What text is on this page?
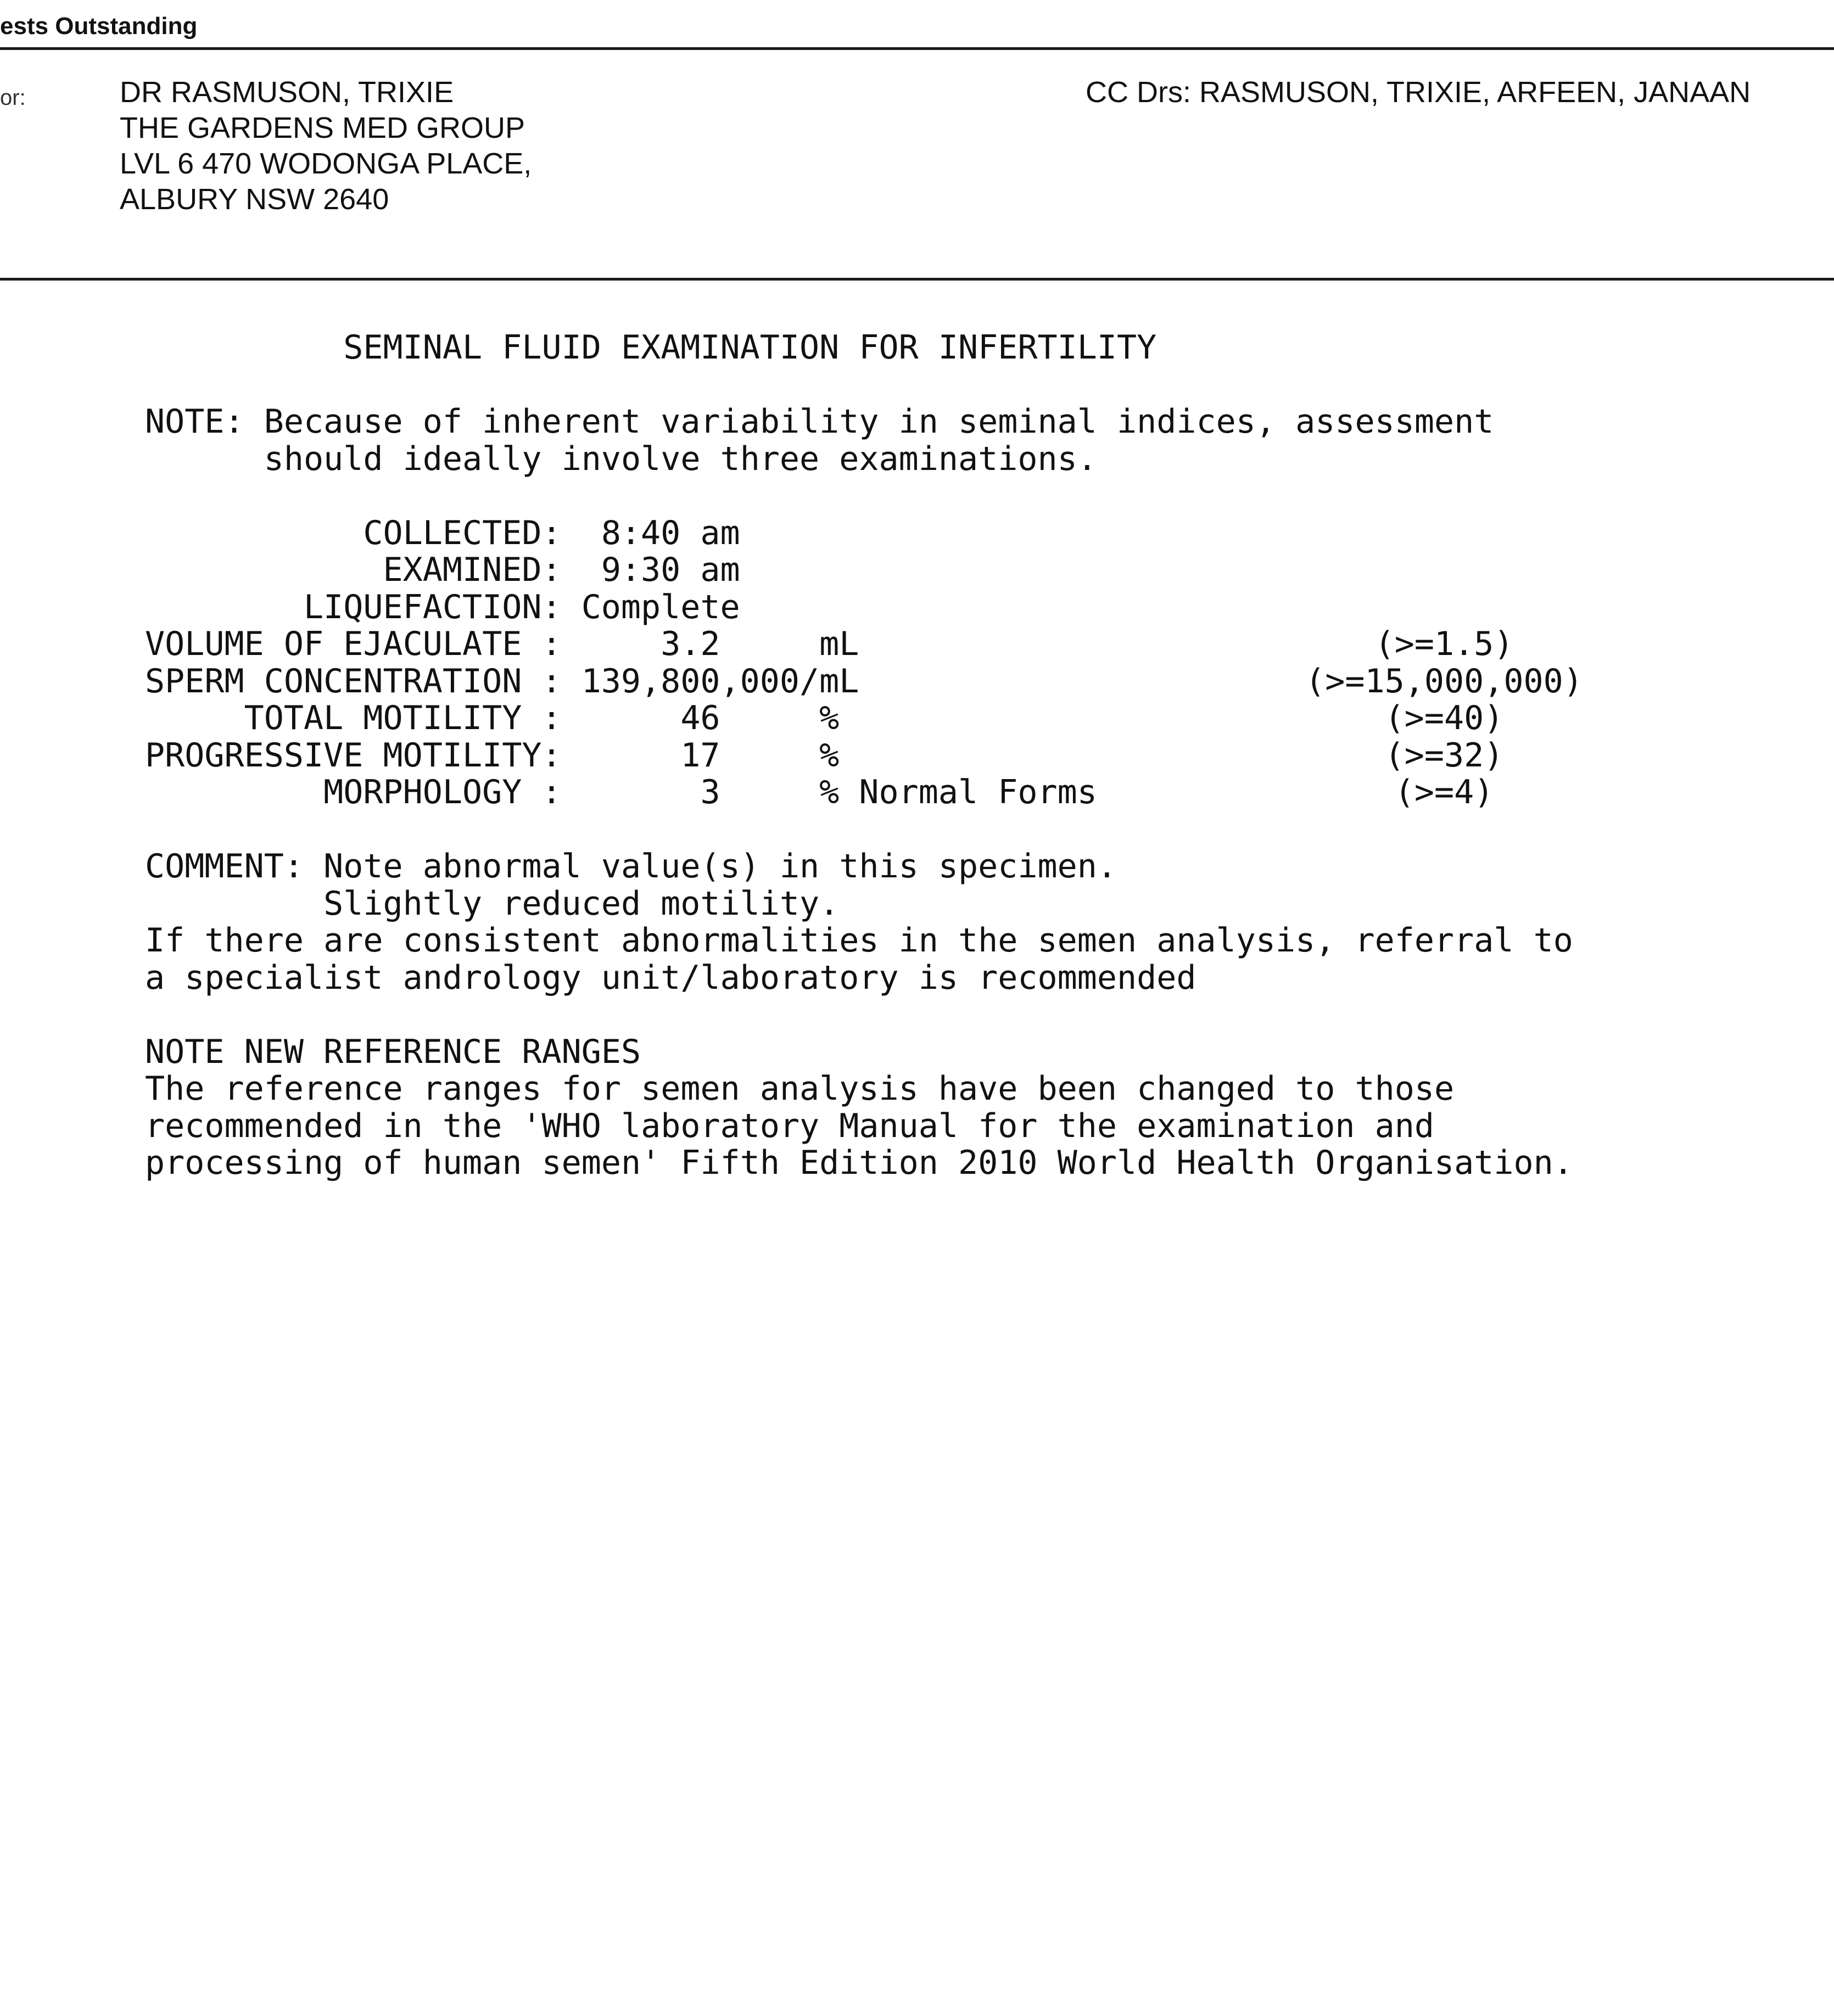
ests Outstanding
or:	DR RASMUSON, TRIXIE
THE GARDENS MED GROUP
LVL 6 470 WODONGA PLACE,
ALBURY NSW 2640
CC Drs: RASMUSON, TRIXIE, ARFEEN, JANAAN
SEMINAL FLUID EXAMINATION FOR INFERTILITY
NOTE: Because of inherent variability in seminal indices, assessment
should ideally involve three examinations.
COLLECTED: 8:40 am
EXAMINED: 9:30 am
LIQUEFACTION: Complete
VOLUME OF EJACULATE :	3.2	mL	(>=1.5)
SPERM CONCENTRATION : 139,800,000/mL	(>=15,000,000)
TOTAL MOTILITY :	46	%	(>=40)
PROGRESSIVE MOTILITY:	17	%	(>=32)
MORPHOLOGY :	3	% Normal Forms	(>=4)
COMMENT: Note abnormal value(s) in this specimen.
Slightly reduced motility.
If there are consistent abnormalities in the semen analysis, referral to
a specialist andrology unit/laboratory is recommended
NOTE NEW REFERENCE RANGES
The reference ranges for semen analysis have been changed to those
recommended in the 'WHO laboratory Manual for the examination and
processing of human semen' Fifth Edition 2010 World Health Organisation.
